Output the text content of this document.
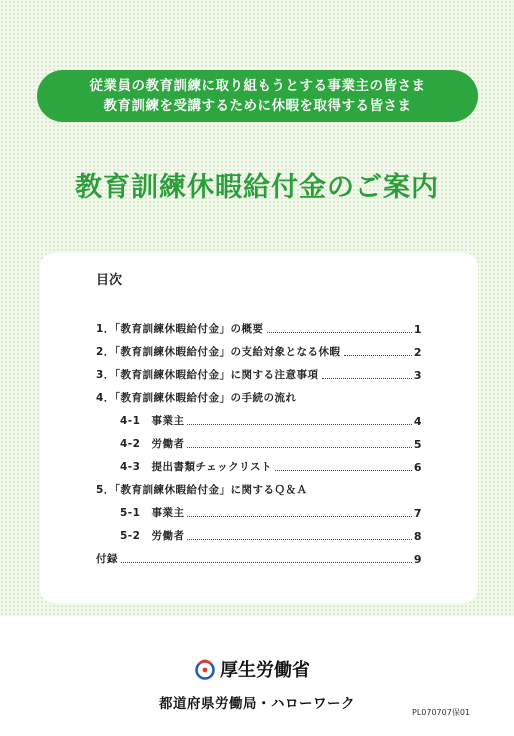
従業員の教育訓練に取り組もうとする事業主の皆さま
教育訓練を受講するために休暇を取得する皆さま
教育訓練休暇給付金のご案内
目次
1．「教育訓練休暇給付金」の概要	1
2．「教育訓練休暇給付金」の支給対象となる休暇	2
3．「教育訓練休暇給付金」に関する注意事項	3
4．「教育訓練休暇給付金」の手続の流れ
4-1　事業主	4
4-2　労働者	5
4-3　提出書類チェックリスト	6
5．「教育訓練休暇給付金」に関するＱ＆Ａ
5-1　事業主	7
5-2　労働者	8
付録	9
厚生労働省
都道府県労働局・ハローワーク
PL070707保01
